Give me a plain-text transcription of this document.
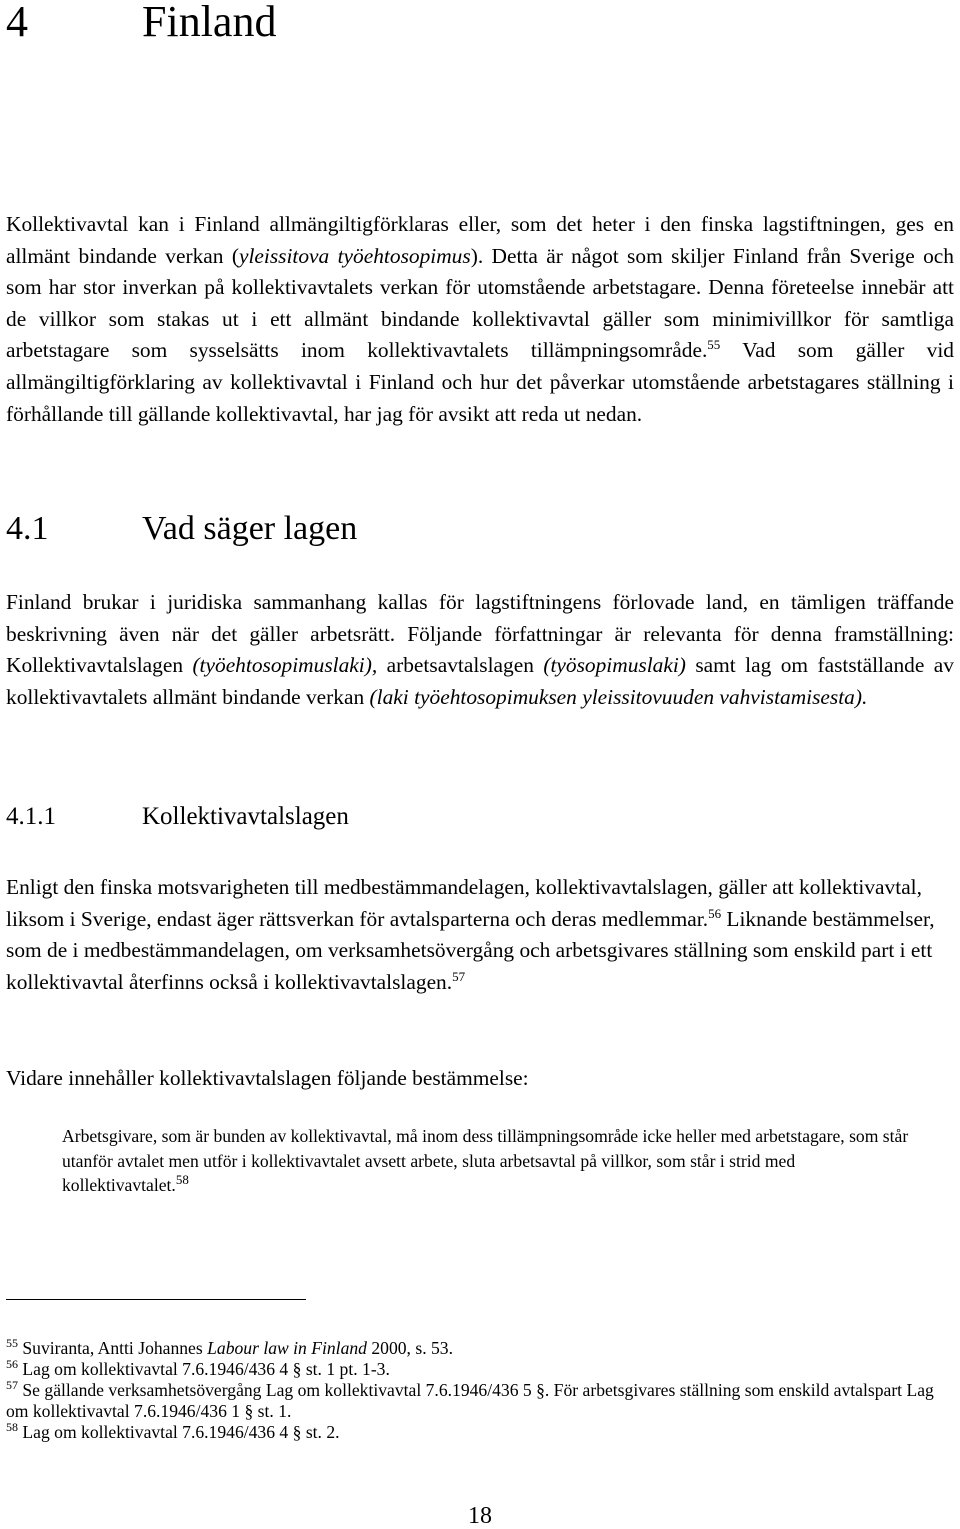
4	Finland

Kollektivavtal kan i Finland allmängiltigförklaras eller, som det heter i den finska lagstiftningen, ges en allmänt bindande verkan (yleissitova työehtosopimus). Detta är något som skiljer Finland från Sverige och som har stor inverkan på kollektivavtalets verkan för utomstående arbetstagare. Denna företeelse innebär att de villkor som stakas ut i ett allmänt bindande kollektivavtal gäller som minimivillkor för samtliga arbetstagare som sysselsätts inom kollektivavtalets tillämpningsområde.$^{55}$ Vad som gäller vid allmängiltigförklaring av kollektivavtal i Finland och hur det påverkar utomstående arbetstagares ställning i förhållande till gällande kollektivavtal, har jag för avsikt att reda ut nedan.

4.1	Vad säger lagen

Finland brukar i juridiska sammanhang kallas för lagstiftningens förlovade land, en tämligen träffande beskrivning även när det gäller arbetsrätt. Följande författningar är relevanta för denna framställning: Kollektivavtalslagen (työehtosopimuslaki), arbetsavtalslagen (työsopimuslaki) samt lag om fastställande av kollektivavtalets allmänt bindande verkan (laki työehtosopimuksen yleissitovuuden vahvistamisesta).

4.1.1	Kollektivavtalslagen

Enligt den finska motsvarigheten till medbestämmandelagen, kollektivavtalslagen, gäller att kollektivavtal, liksom i Sverige, endast äger rättsverkan för avtalsparterna och deras medlemmar.$^{56}$ Liknande bestämmelser, som de i medbestämmandelagen, om verksamhetsövergång och arbetsgivares ställning som enskild part i ett kollektivavtal återfinns också i kollektivavtalslagen.$^{57}$

Vidare innehåller kollektivavtalslagen följande bestämmelse:

Arbetsgivare, som är bunden av kollektivavtal, må inom dess tillämpningsområde icke heller med arbetstagare, som står utanför avtalet men utför i kollektivavtalet avsett arbete, sluta arbetsavtal på villkor, som står i strid med kollektivavtalet.$^{58}$
$^{55}$ Suviranta, Antti Johannes Labour law in Finland 2000, s. 53.
$^{56}$ Lag om kollektivavtal 7.6.1946/436 4 § st. 1 pt. 1-3.
$^{57}$ Se gällande verksamhetsövergång Lag om kollektivavtal 7.6.1946/436 5 §. För arbetsgivares ställning som enskild avtalspart Lag om kollektivavtal 7.6.1946/436 1 § st. 1.
$^{58}$ Lag om kollektivavtal 7.6.1946/436 4 § st. 2.
18
